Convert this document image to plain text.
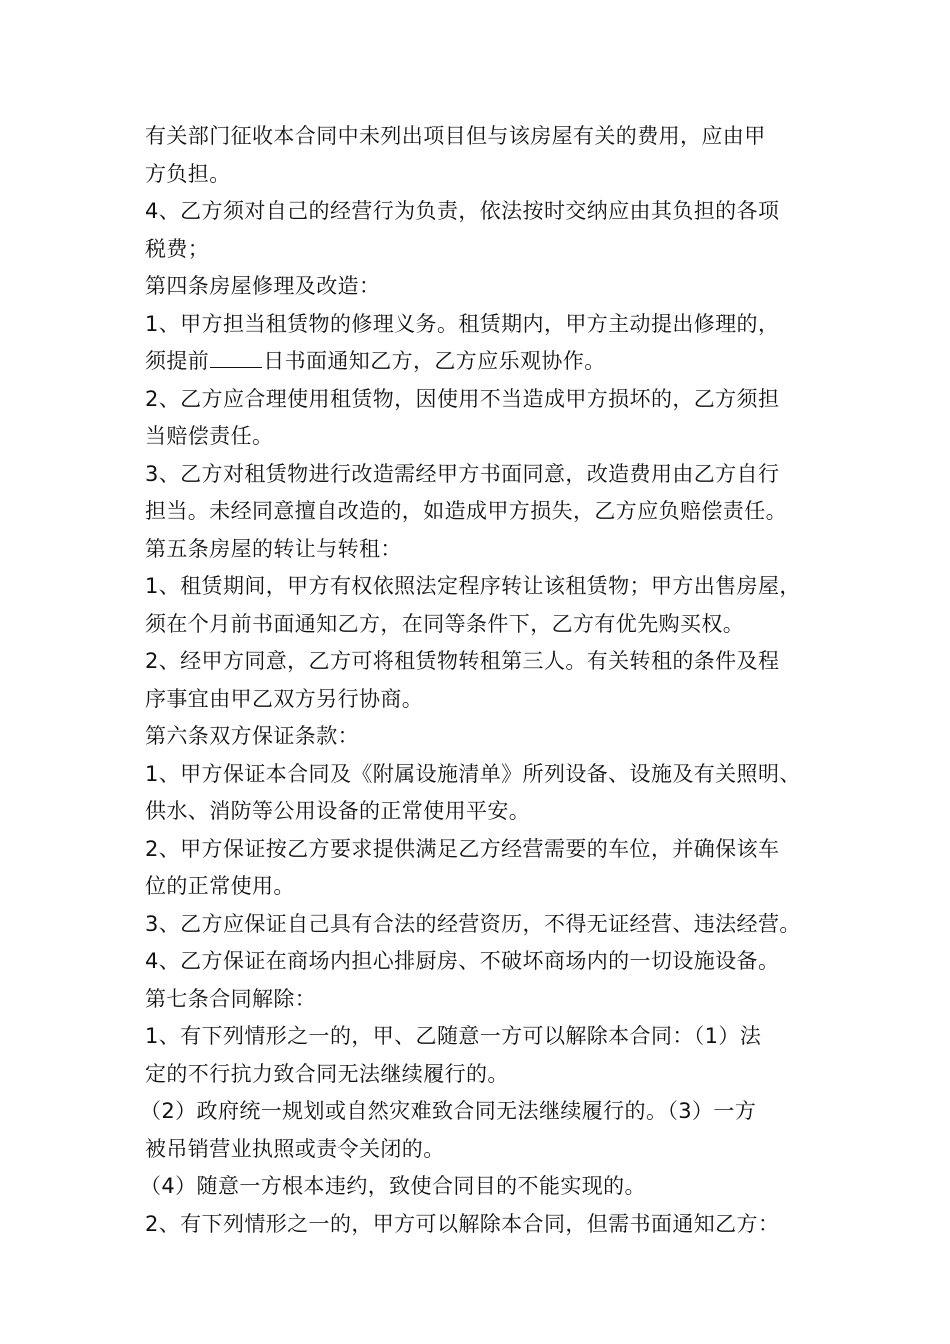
有关部门征收本合同中未列出项目但与该房屋有关的费用，应由甲
方负担。
4、乙方须对自己的经营行为负责，依法按时交纳应由其负担的各项
税费；
第四条房屋修理及改造：
1、甲方担当租赁物的修理义务。租赁期内，甲方主动提出修理的，
须提前	日书面通知乙方，乙方应乐观协作。
2、乙方应合理使用租赁物，因使用不当造成甲方损坏的，乙方须担
当赔偿责任。
3、乙方对租赁物进行改造需经甲方书面同意，改造费用由乙方自行
担当。未经同意擅自改造的，如造成甲方损失，乙方应负赔偿责任。
第五条房屋的转让与转租：
1、租赁期间，甲方有权依照法定程序转让该租赁物；甲方出售房屋，
须在个月前书面通知乙方，在同等条件下，乙方有优先购买权。
2、经甲方同意，乙方可将租赁物转租第三人。有关转租的条件及程
序事宜由甲乙双方另行协商。
第六条双方保证条款：
1、甲方保证本合同及《附属设施清单》所列设备、设施及有关照明、
供水、消防等公用设备的正常使用平安。
2、甲方保证按乙方要求提供满足乙方经营需要的车位，并确保该车
位的正常使用。
3、乙方应保证自己具有合法的经营资历，不得无证经营、违法经营。
4、乙方保证在商场内担心排厨房、不破坏商场内的一切设施设备。
第七条合同解除：
1、有下列情形之一的，甲、乙随意一方可以解除本合同：（1）法
定的不行抗力致合同无法继续履行的。
（2）政府统一规划或自然灾难致合同无法继续履行的。（3）一方
被吊销营业执照或责令关闭的。
（4）随意一方根本违约，致使合同目的不能实现的。
2、有下列情形之一的，甲方可以解除本合同，但需书面通知乙方：
